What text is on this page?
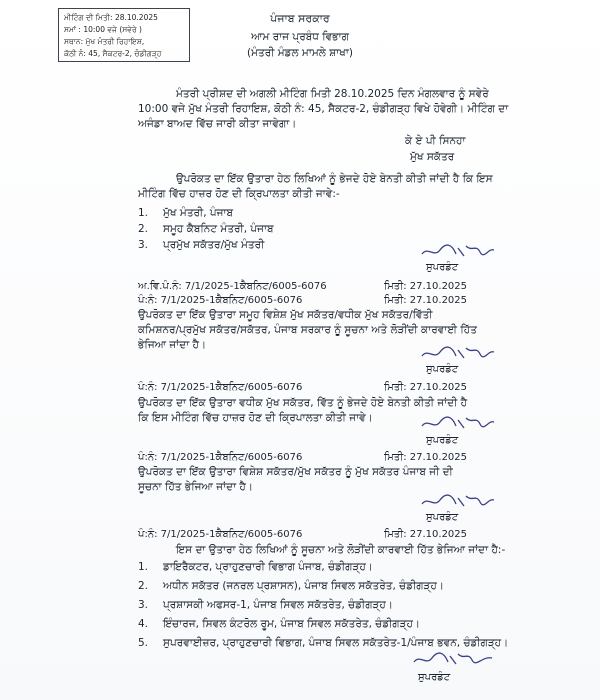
ਮੀਟਿੰਗ ਦੀ ਮਿਤੀ: 28.10.2025
ਸਮਾਂ : 10:00 ਵਜੇ (ਸਵੇਰੇ )
ਸਥਾਨ: ਮੁੱਖ ਮੰਤਰੀ ਰਿਹਾਇਸ਼,
ਕੋਠੀ ਨੰ: 45, ਸੈਕਟਰ-2, ਚੰਡੀਗੜ੍ਹ
ਪੰਜਾਬ ਸਰਕਾਰ
ਆਮ ਰਾਜ ਪ੍ਰਬੰਧ ਵਿਭਾਗ
(ਮੰਤਰੀ ਮੰਡਲ ਮਾਮਲੇ ਸ਼ਾਖਾ)
ਮੰਤਰੀ ਪ੍ਰੀਸ਼ਦ ਦੀ ਅਗਲੀ ਮੀਟਿੰਗ ਮਿਤੀ 28.10.2025 ਦਿਨ ਮੰਗਲਵਾਰ ਨੂੰ ਸਵੇਰੇ
10:00 ਵਜੇ ਮੁੱਖ ਮੰਤਰੀ ਰਿਹਾਇਸ਼, ਕੋਠੀ ਨੰ: 45, ਸੈਕਟਰ-2, ਚੰਡੀਗੜ੍ਹ ਵਿਖੇ ਹੋਵੇਗੀ। ਮੀਟਿੰਗ ਦਾ
ਅਜੰਡਾ ਬਾਅਦ ਵਿੱਚ ਜਾਰੀ ਕੀਤਾ ਜਾਵੇਗਾ।
ਕੇ ਏ ਪੀ ਸਿਨਹਾ
ਮੁੱਖ ਸਕੱਤਰ
ਉਪਰੋਕਤ ਦਾ ਇੱਕ ਉਤਾਰਾ ਹੇਠ ਲਿਖਿਆਂ ਨੂੰ ਭੇਜਦੇ ਹੋਏ ਬੇਨਤੀ ਕੀਤੀ ਜਾਂਦੀ ਹੈ ਕਿ ਇਸ
ਮੀਟਿੰਗ ਵਿੱਚ ਹਾਜ਼ਰ ਹੋਣ ਦੀ ਕ੍ਰਿਪਾਲਤਾ ਕੀਤੀ ਜਾਵੇ:-
1. ਮੁੱਖ ਮੰਤਰੀ, ਪੰਜਾਬ
2. ਸਮੂਹ ਕੈਬਨਿਟ ਮੰਤਰੀ, ਪੰਜਾਬ
3. ਪ੍ਰਮੁੱਖ ਸਕੱਤਰ/ਮੁੱਖ ਮੰਤਰੀ
ਸੁਪਰਡੰਟ
ਅ.ਵਿ.ਪੰ.ਨੰ: 7/1/2025-1ਕੈਬਨਿਟ/6005-6076	ਮਿਤੀ: 27.10.2025
ਪੰ:ਨੰ: 7/1/2025-1ਕੈਬਨਿਟ/6005-6076	ਮਿਤੀ: 27.10.2025
ਉਪਰੋਕਤ ਦਾ ਇੱਕ ਉਤਾਰਾ ਸਮੂਹ ਵਿਸ਼ੇਸ਼ ਮੁੱਖ ਸਕੱਤਰ/ਵਧੀਕ ਮੁੱਖ ਸਕੱਤਰ/ਵਿੱਤੀ
ਕਮਿਸ਼ਨਰ/ਪ੍ਰਮੁੱਖ ਸਕੱਤਰ/ਸਕੱਤਰ, ਪੰਜਾਬ ਸਰਕਾਰ ਨੂੰ ਸੂਚਨਾ ਅਤੇ ਲੋੜੀਂਦੀ ਕਾਰਵਾਈ ਹਿੱਤ
ਭੇਜਿਆ ਜਾਂਦਾ ਹੈ।
ਸੁਪਰਡੰਟ
ਪੰ:ਨੰ: 7/1/2025-1ਕੈਬਨਿਟ/6005-6076	ਮਿਤੀ: 27.10.2025
ਉਪਰੋਕਤ ਦਾ ਇੱਕ ਉਤਾਰਾ ਵਧੀਕ ਮੁੱਖ ਸਕੱਤਰ, ਵਿੱਤ ਨੂੰ ਭੇਜਦੇ ਹੋਏ ਬੇਨਤੀ ਕੀਤੀ ਜਾਂਦੀ ਹੈ
ਕਿ ਇਸ ਮੀਟਿੰਗ ਵਿੱਚ ਹਾਜ਼ਰ ਹੋਣ ਦੀ ਕ੍ਰਿਪਾਲਤਾ ਕੀਤੀ ਜਾਵੇ।
ਸੁਪਰਡੰਟ
ਪੰ:ਨੰ: 7/1/2025-1ਕੈਬਨਿਟ/6005-6076	ਮਿਤੀ: 27.10.2025
ਉਪਰੋਕਤ ਦਾ ਇੱਕ ਉਤਾਰਾ ਵਿਸ਼ੇਸ਼ ਸਕੱਤਰ/ਮੁੱਖ ਸਕੱਤਰ ਨੂੰ ਮੁੱਖ ਸਕੱਤਰ ਪੰਜਾਬ ਜੀ ਦੀ
ਸੂਚਨਾ ਹਿੱਤ ਭੇਜਿਆ ਜਾਂਦਾ ਹੈ।
ਸੁਪਰਡੰਟ
ਪੰ:ਨੰ: 7/1/2025-1ਕੈਬਨਿਟ/6005-6076	ਮਿਤੀ: 27.10.2025
ਇਸ ਦਾ ਉਤਾਰਾ ਹੇਠ ਲਿਖਿਆਂ ਨੂੰ ਸੂਚਨਾ ਅਤੇ ਲੋੜੀਂਦੀ ਕਾਰਵਾਈ ਹਿੱਤ ਭੇਜਿਆ ਜਾਂਦਾ ਹੈ:-
1. ਡਾਇਰੈਕਟਰ, ਪ੍ਰਾਹੁਣਚਾਰੀ ਵਿਭਾਗ ਪੰਜਾਬ, ਚੰਡੀਗੜ੍ਹ।
2. ਅਧੀਨ ਸਕੱਤਰ (ਜਨਰਲ ਪ੍ਰਸ਼ਾਸਨ), ਪੰਜਾਬ ਸਿਵਲ ਸਕੱਤਰੇਤ, ਚੰਡੀਗੜ੍ਹ।
3. ਪ੍ਰਸ਼ਾਸਕੀ ਅਫਸਰ-1, ਪੰਜਾਬ ਸਿਵਲ ਸਕੱਤਰੇਤ, ਚੰਡੀਗੜ੍ਹ।
4. ਇੰਚਾਰਜ, ਸਿਵਲ ਕੰਟਰੋਲ ਰੂਮ, ਪੰਜਾਬ ਸਿਵਲ ਸਕੱਤਰੇਤ, ਚੰਡੀਗੜ੍ਹ।
5. ਸੁਪਰਵਾਈਜ਼ਰ, ਪ੍ਰਾਹੁਣਚਾਰੀ ਵਿਭਾਗ, ਪੰਜਾਬ ਸਿਵਲ ਸਕੱਤਰੇਤ-1/ਪੰਜਾਬ ਭਵਨ, ਚੰਡੀਗੜ੍ਹ।
ਸੁਪਰਡੰਟ
